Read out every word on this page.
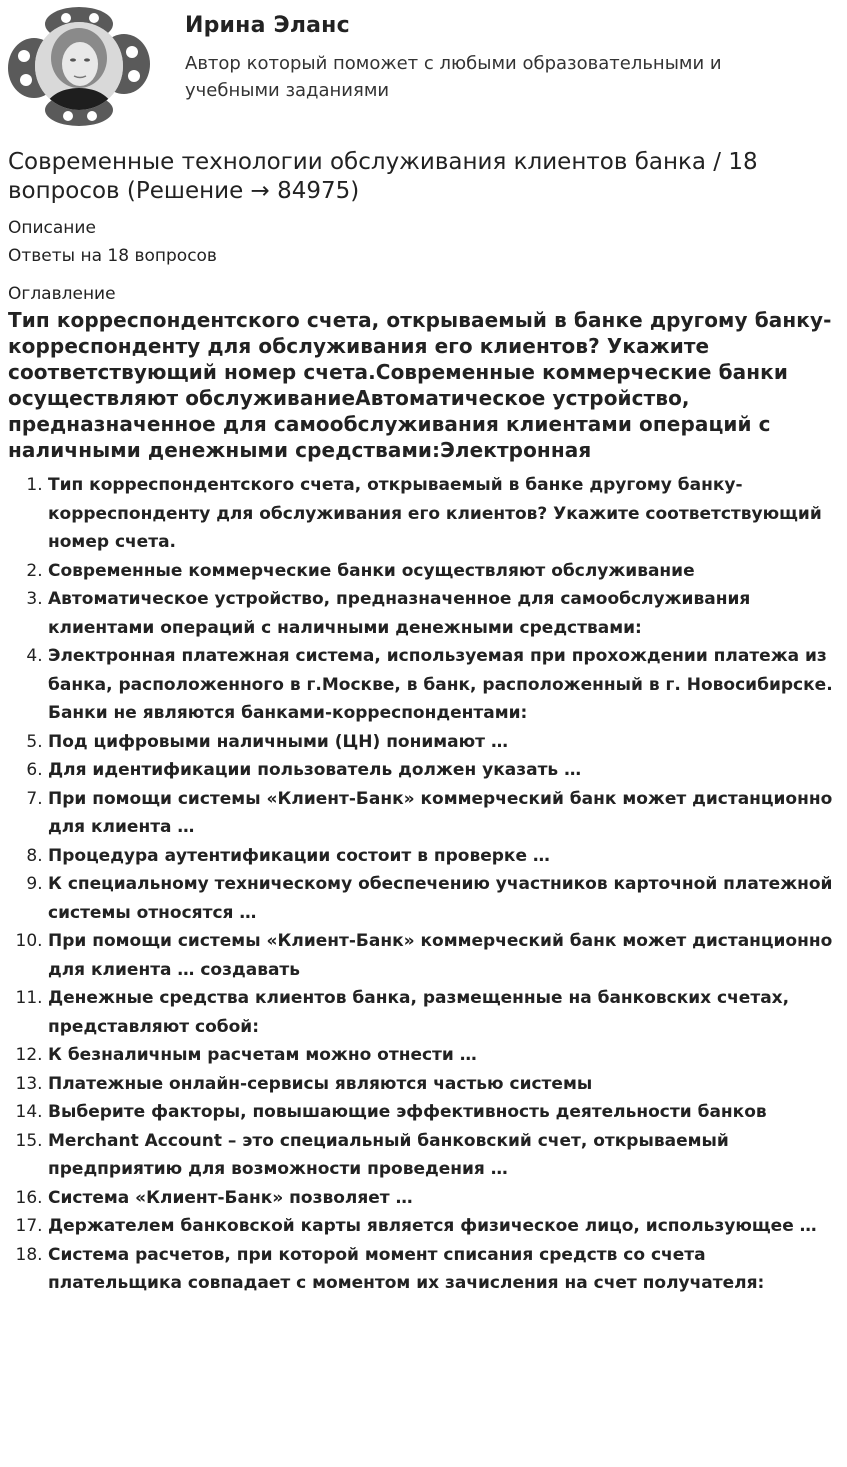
Ирина Эланс

Автор который поможет с любыми образовательными и учебными заданиями

Современные технологии обслуживания клиентов банка / 18 вопросов (Решение → 84975)

Описание

Ответы на 18 вопросов

Оглавление

Тип корреспондентского счета, открываемый в банке другому банку-корреспонденту для обслуживания его клиентов? Укажите соответствующий номер счета.Современные коммерческие банки осуществляют обслуживаниеАвтоматическое устройство, предназначенное для самообслуживания клиентами операций с наличными денежными средствами:Электронная
1. Тип корреспондентского счета, открываемый в банке другому банку-корреспонденту для обслуживания его клиентов? Укажите соответствующий номер счета.
2. Современные коммерческие банки осуществляют обслуживание
3. Автоматическое устройство, предназначенное для самообслуживания клиентами операций с наличными денежными средствами:
4. Электронная платежная система, используемая при прохождении платежа из банка, расположенного в г.Москве, в банк, расположенный в г. Новосибирске. Банки не являются банками-корреспондентами:
5. Под цифровыми наличными (ЦН) понимают …
6. Для идентификации пользователь должен указать …
7. При помощи системы «Клиент-Банк» коммерческий банк может дистанционно для клиента …
8. Процедура аутентификации состоит в проверке …
9. К специальному техническому обеспечению участников карточной платежной системы относятся …
10. При помощи системы «Клиент-Банк» коммерческий банк может дистанционно для клиента … создавать
11. Денежные средства клиентов банка, размещенные на банковских счетах, представляют собой:
12. К безналичным расчетам можно отнести …
13. Платежные онлайн-сервисы являются частью системы
14. Выберите факторы, повышающие эффективность деятельности банков
15. Merchant Account – это специальный банковский счет, открываемый предприятию для возможности проведения …
16. Система «Клиент-Банк» позволяет …
17. Держателем банковской карты является физическое лицо, использующее …
18. Система расчетов, при которой момент списания средств со счета плательщика совпадает с моментом их зачисления на счет получателя:
